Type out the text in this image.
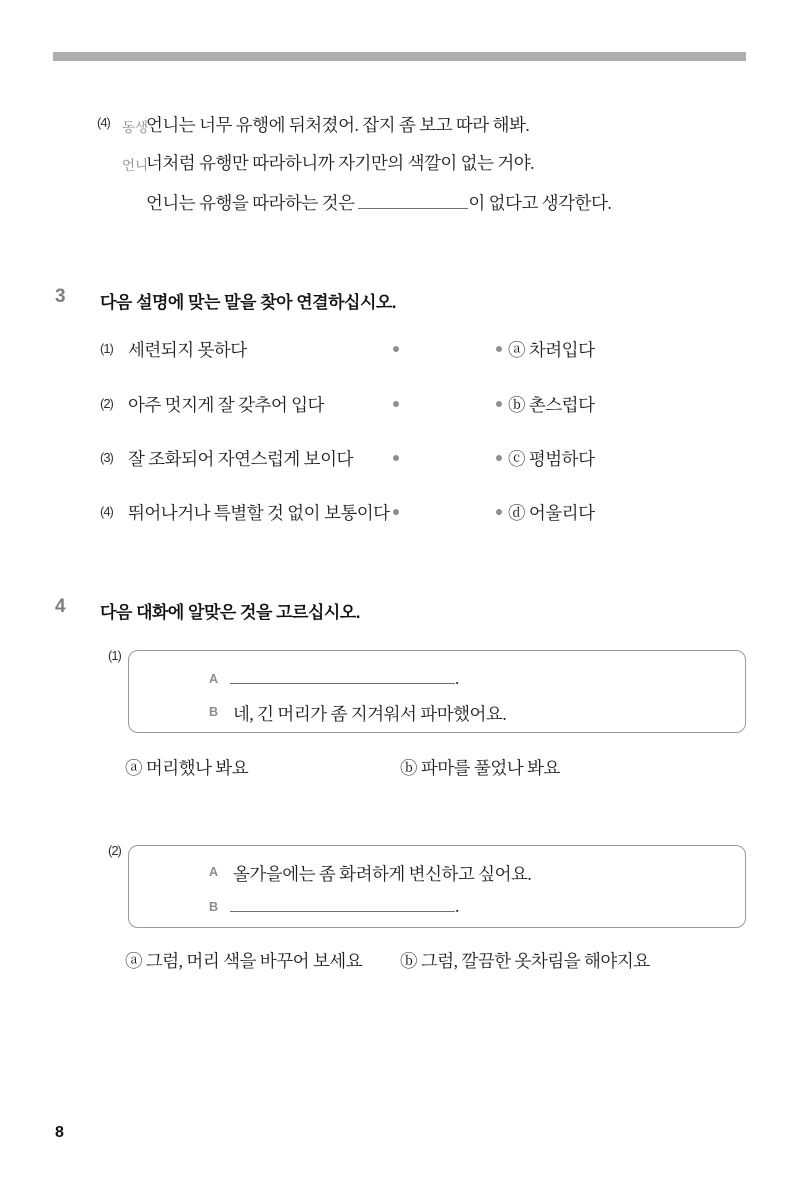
(4) 동생
언니는 너무 유행에 뒤처졌어. 잡지 좀 보고 따라 해봐.
언니
너처럼 유행만 따라하니까 자기만의 색깔이 없는 거야.
언니는 유행을 따라하는 것은	이 없다고 생각한다.
3 다음 설명에 맞는 말을 찾아 연결하십시오.
(1) 세련되지 못하다	ⓐ 차려입다
(2) 아주 멋지게 잘 갖추어 입다	ⓑ 촌스럽다
(3) 잘 조화되어 자연스럽게 보이다	ⓒ 평범하다
(4) 뛰어나거나 특별할 것 없이 보통이다	ⓓ 어울리다
4 다음 대화에 알맞은 것을 고르십시오.
(1)
A	.
B 네, 긴 머리가 좀 지겨워서 파마했어요.
ⓐ 머리했나 봐요	ⓑ 파마를 풀었나 봐요
(2)
A 올가을에는 좀 화려하게 변신하고 싶어요.
B	.
ⓐ 그럼, 머리 색을 바꾸어 보세요 ⓑ 그럼, 깔끔한 옷차림을 해야지요
8
